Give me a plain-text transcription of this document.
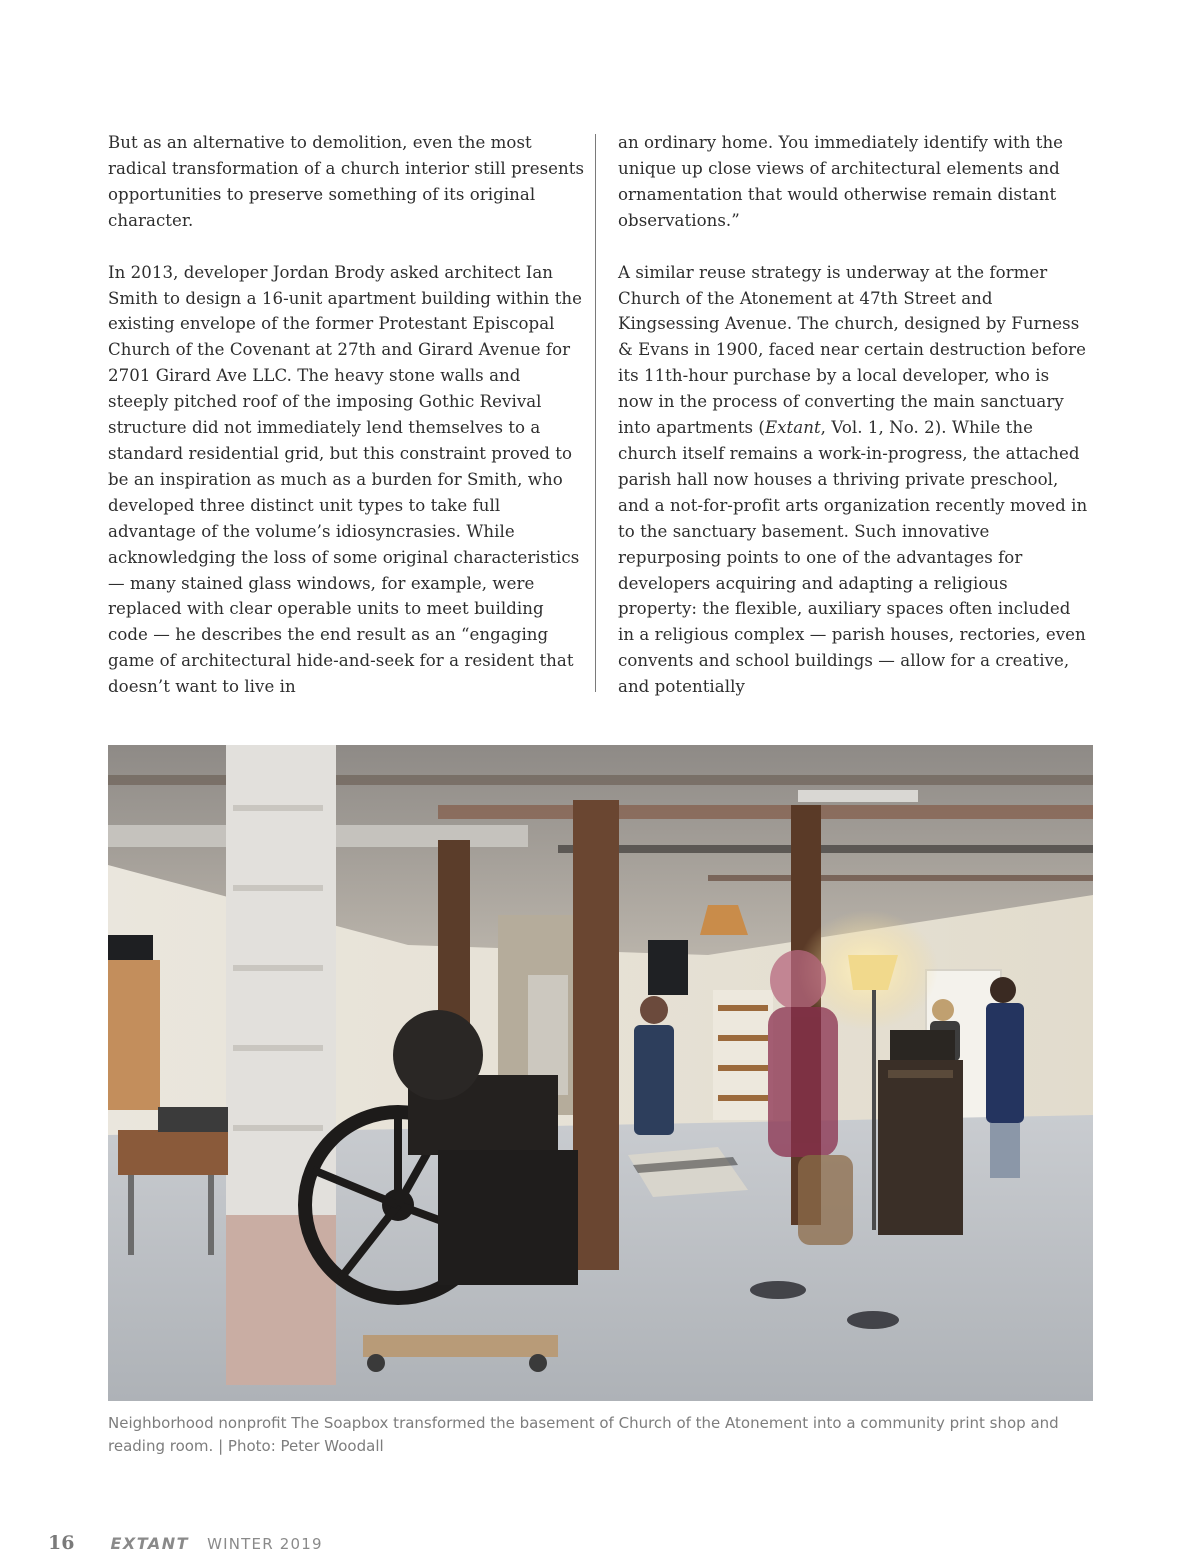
But as an alternative to demolition, even the most radical transformation of a church interior still presents opportunities to preserve something of its original character.

In 2013, developer Jordan Brody asked architect Ian Smith to design a 16-unit apartment building within the existing envelope of the former Protestant Episcopal Church of the Covenant at 27th and Girard Avenue for 2701 Girard Ave LLC. The heavy stone walls and steeply pitched roof of the imposing Gothic Revival structure did not immediately lend themselves to a standard residential grid, but this constraint proved to be an inspiration as much as a burden for Smith, who developed three distinct unit types to take full advantage of the volume’s idiosyncrasies. While acknowledging the loss of some original characteristics — many stained glass windows, for example, were replaced with clear operable units to meet building code — he describes the end result as an “engaging game of architectural hide-and-seek for a resident that doesn’t want to live in

an ordinary home. You immediately identify with the unique up close views of architectural elements and ornamentation that would otherwise remain distant observations.”

A similar reuse strategy is underway at the former Church of the Atonement at 47th Street and Kingsessing Avenue. The church, designed by Furness & Evans in 1900, faced near certain destruction before its 11th-hour purchase by a local developer, who is now in the process of converting the main sanctuary into apartments (Extant, Vol. 1, No. 2). While the church itself remains a work-in-progress, the attached parish hall now houses a thriving private preschool, and a not-for-profit arts organization recently moved in to the sanctuary basement. Such innovative repurposing points to one of the advantages for developers acquiring and adapting a religious property: the flexible, auxiliary spaces often included in a religious complex — parish houses, rectories, even convents and school buildings — allow for a creative, and potentially

Neighborhood nonprofit The Soapbox transformed the basement of Church of the Atonement into a community print shop and reading room. | Photo: Peter Woodall
16 EXTANT WINTER 2019
